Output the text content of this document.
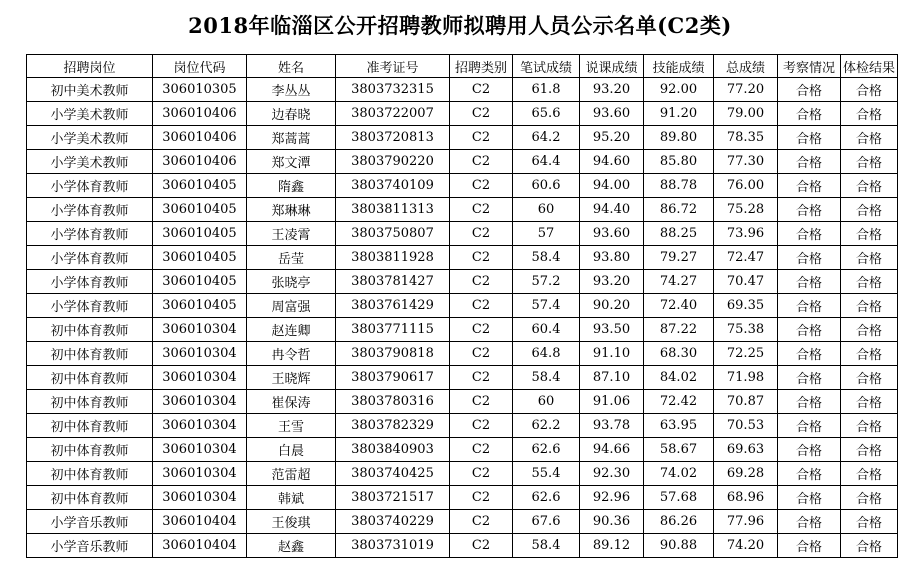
2018年临淄区公开招聘教师拟聘用人员公示名单(C2类)
招聘岗位	岗位代码	姓名	准考证号	招聘类别	笔试成绩	说课成绩	技能成绩	总成绩	考察情况	体检结果
初中美术教师	306010305	李丛丛	3803732315	C2	61.8	93.20	92.00	77.20	合格	合格
小学美术教师	306010406	边春晓	3803722007	C2	65.6	93.60	91.20	79.00	合格	合格
小学美术教师	306010406	郑蒿蒿	3803720813	C2	64.2	95.20	89.80	78.35	合格	合格
小学美术教师	306010406	郑文潭	3803790220	C2	64.4	94.60	85.80	77.30	合格	合格
小学体育教师	306010405	隋鑫	3803740109	C2	60.6	94.00	88.78	76.00	合格	合格
小学体育教师	306010405	郑琳琳	3803811313	C2	60	94.40	86.72	75.28	合格	合格
小学体育教师	306010405	王凌霄	3803750807	C2	57	93.60	88.25	73.96	合格	合格
小学体育教师	306010405	岳莹	3803811928	C2	58.4	93.80	79.27	72.47	合格	合格
小学体育教师	306010405	张晓亭	3803781427	C2	57.2	93.20	74.27	70.47	合格	合格
小学体育教师	306010405	周富强	3803761429	C2	57.4	90.20	72.40	69.35	合格	合格
初中体育教师	306010304	赵连卿	3803771115	C2	60.4	93.50	87.22	75.38	合格	合格
初中体育教师	306010304	冉令哲	3803790818	C2	64.8	91.10	68.30	72.25	合格	合格
初中体育教师	306010304	王晓辉	3803790617	C2	58.4	87.10	84.02	71.98	合格	合格
初中体育教师	306010304	崔保涛	3803780316	C2	60	91.06	72.42	70.87	合格	合格
初中体育教师	306010304	王雪	3803782329	C2	62.2	93.78	63.95	70.53	合格	合格
初中体育教师	306010304	白晨	3803840903	C2	62.6	94.66	58.67	69.63	合格	合格
初中体育教师	306010304	范雷超	3803740425	C2	55.4	92.30	74.02	69.28	合格	合格
初中体育教师	306010304	韩斌	3803721517	C2	62.6	92.96	57.68	68.96	合格	合格
小学音乐教师	306010404	王俊琪	3803740229	C2	67.6	90.36	86.26	77.96	合格	合格
小学音乐教师	306010404	赵鑫	3803731019	C2	58.4	89.12	90.88	74.20	合格	合格
